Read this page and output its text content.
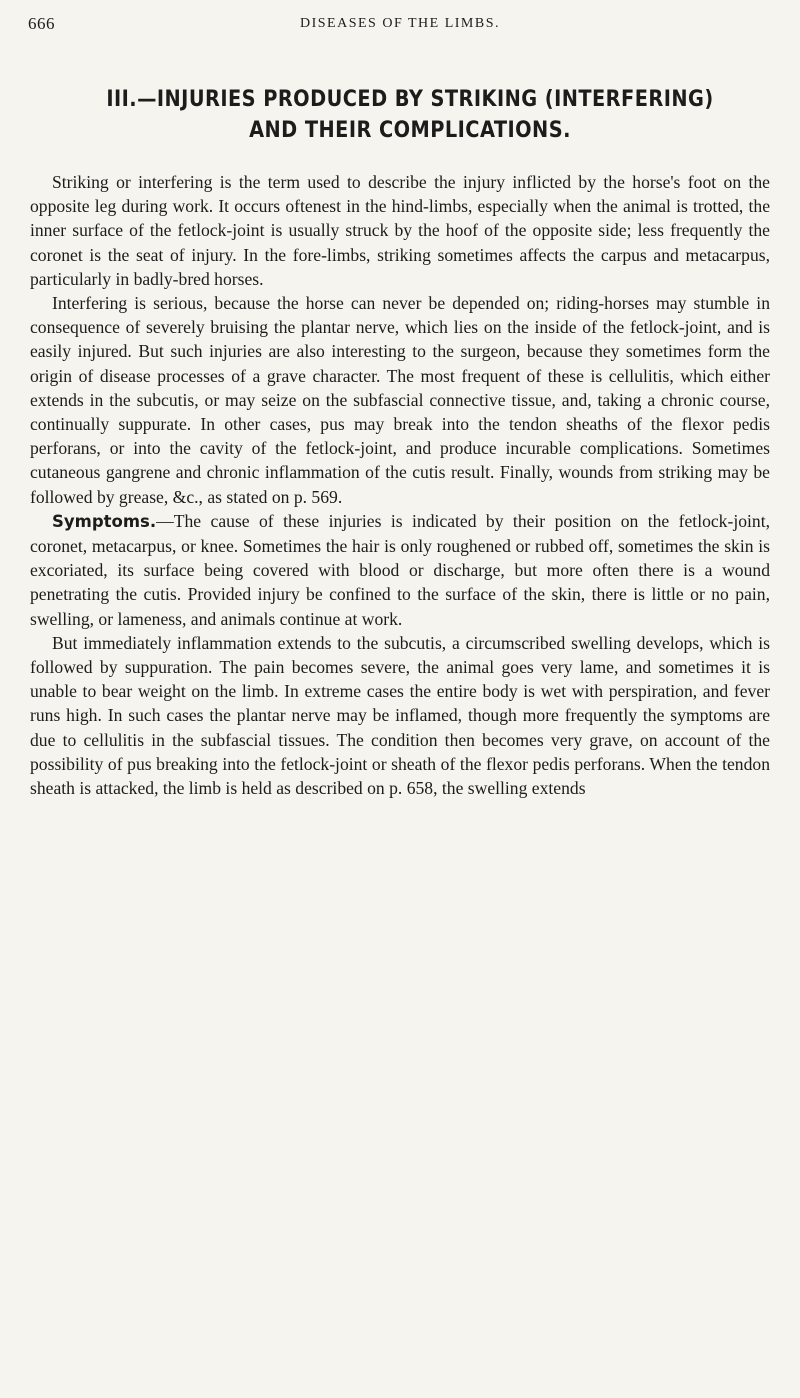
666	DISEASES OF THE LIMBS.
III.—INJURIES PRODUCED BY STRIKING (INTERFERING)
AND THEIR COMPLICATIONS.

Striking or interfering is the term used to describe the injury inflicted by the horse's foot on the opposite leg during work. It occurs oftenest in the hind-limbs, especially when the animal is trotted, the inner surface of the fetlock-joint is usually struck by the hoof of the opposite side; less frequently the coronet is the seat of injury. In the fore-limbs, striking sometimes affects the carpus and metacarpus, particularly in badly-bred horses.

Interfering is serious, because the horse can never be depended on; riding-horses may stumble in consequence of severely bruising the plantar nerve, which lies on the inside of the fetlock-joint, and is easily injured. But such injuries are also interesting to the surgeon, because they sometimes form the origin of disease processes of a grave character. The most frequent of these is cellulitis, which either extends in the subcutis, or may seize on the subfascial connective tissue, and, taking a chronic course, continually suppurate. In other cases, pus may break into the tendon sheaths of the flexor pedis perforans, or into the cavity of the fetlock-joint, and produce incurable complications. Sometimes cutaneous gangrene and chronic inflammation of the cutis result. Finally, wounds from striking may be followed by grease, &c., as stated on p. 569.

Symptoms.—The cause of these injuries is indicated by their position on the fetlock-joint, coronet, metacarpus, or knee. Sometimes the hair is only roughened or rubbed off, sometimes the skin is excoriated, its surface being covered with blood or discharge, but more often there is a wound penetrating the cutis. Provided injury be confined to the surface of the skin, there is little or no pain, swelling, or lameness, and animals continue at work.

But immediately inflammation extends to the subcutis, a circumscribed swelling develops, which is followed by suppuration. The pain becomes severe, the animal goes very lame, and sometimes it is unable to bear weight on the limb. In extreme cases the entire body is wet with perspiration, and fever runs high. In such cases the plantar nerve may be inflamed, though more frequently the symptoms are due to cellulitis in the subfascial tissues. The condition then becomes very grave, on account of the possibility of pus breaking into the fetlock-joint or sheath of the flexor pedis perforans. When the tendon sheath is attacked, the limb is held as described on p. 658, the swelling extends
